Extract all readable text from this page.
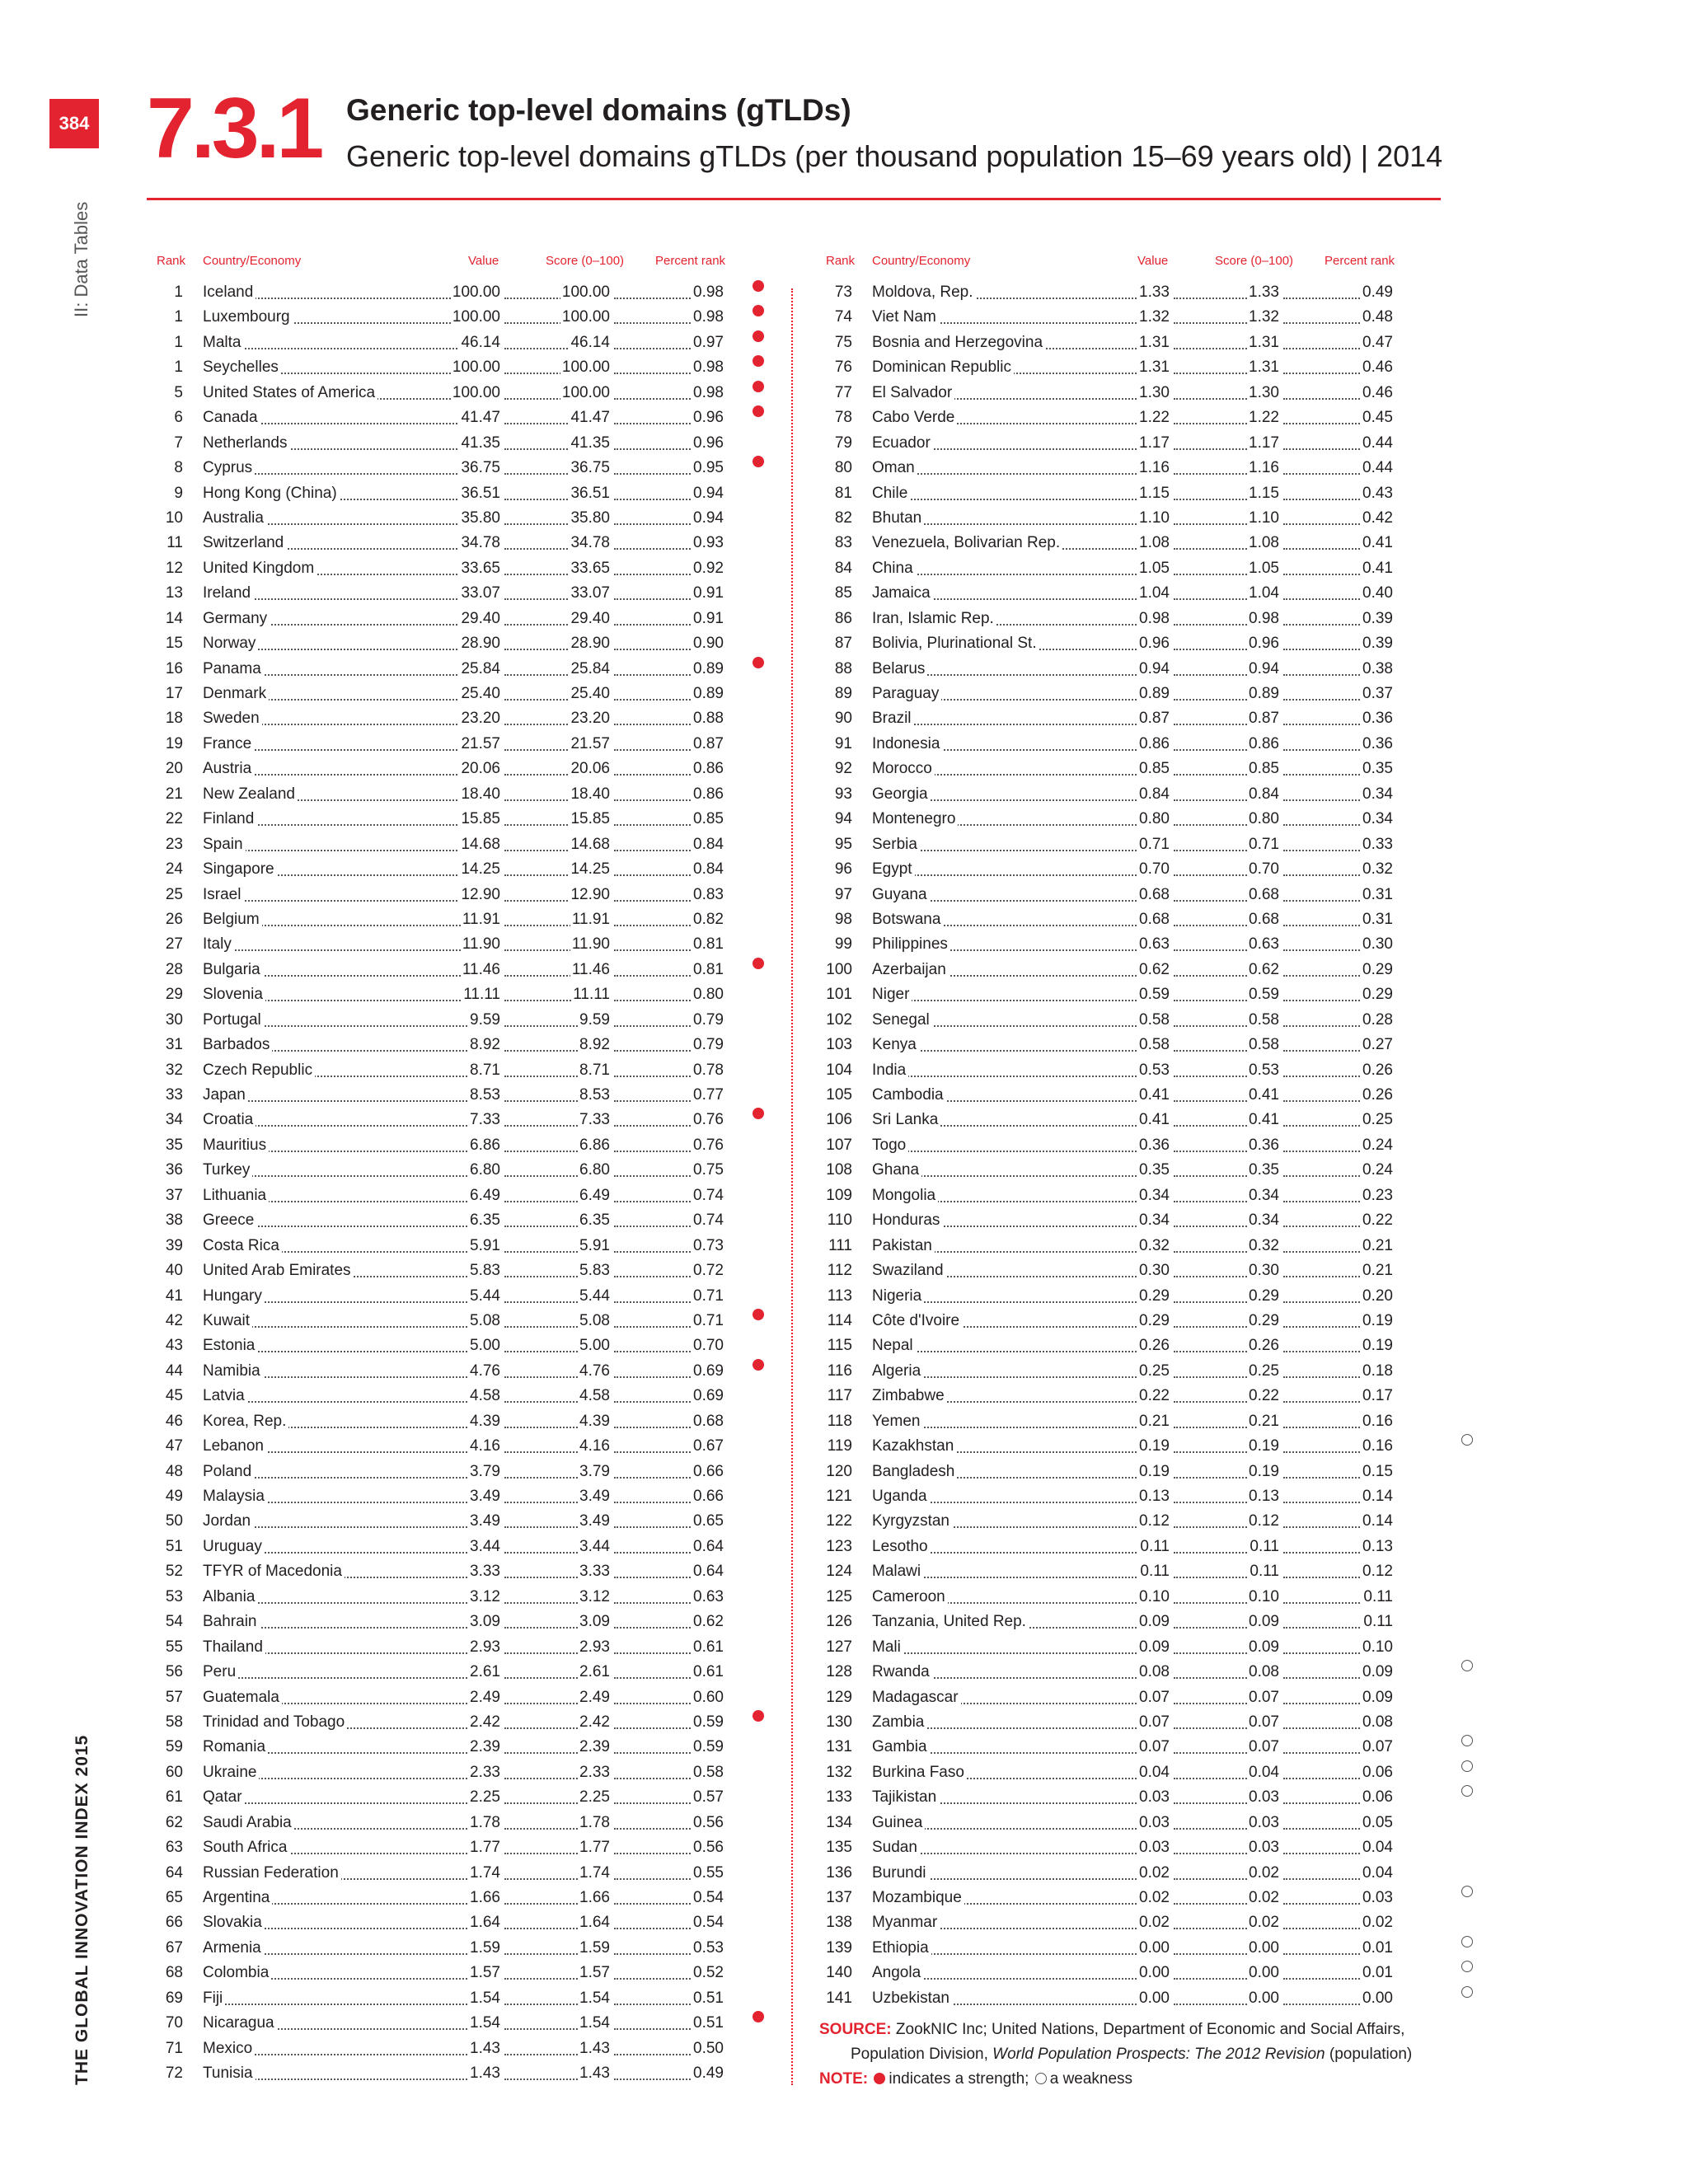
384
II: Data Tables
THE GLOBAL INNOVATION INDEX 2015
7.3.1 Generic top-level domains (gTLDs)
Generic top-level domains gTLDs (per thousand population 15–69 years old) | 2014
Rank Country/Economy	Value	Score (0–100)	Percent rank
1 Iceland	100.00	100.00	0.98
1 Luxembourg	100.00	100.00	0.98
1 Malta	46.14	46.14	0.97
1 Seychelles	100.00	100.00	0.98
5 United States of America	100.00	100.00	0.98
6 Canada	41.47	41.47	0.96
7 Netherlands	41.35	41.35	0.96
8 Cyprus	36.75	36.75	0.95
9 Hong Kong (China)	36.51	36.51	0.94
10 Australia	35.80	35.80	0.94
11 Switzerland	34.78	34.78	0.93
12 United Kingdom	33.65	33.65	0.92
13 Ireland	33.07	33.07	0.91
14 Germany	29.40	29.40	0.91
15 Norway	28.90	28.90	0.90
16 Panama	25.84	25.84	0.89
17 Denmark	25.40	25.40	0.89
18 Sweden	23.20	23.20	0.88
19 France	21.57	21.57	0.87
20 Austria	20.06	20.06	0.86
21 New Zealand	18.40	18.40	0.86
22 Finland	15.85	15.85	0.85
23 Spain	14.68	14.68	0.84
24 Singapore	14.25	14.25	0.84
25 Israel	12.90	12.90	0.83
26 Belgium	11.91	11.91	0.82
27 Italy	11.90	11.90	0.81
28 Bulgaria	11.46	11.46	0.81
29 Slovenia	11.11	11.11	0.80
30 Portugal	9.59	9.59	0.79
31 Barbados	8.92	8.92	0.79
32 Czech Republic	8.71	8.71	0.78
33 Japan	8.53	8.53	0.77
34 Croatia	7.33	7.33	0.76
35 Mauritius	6.86	6.86	0.76
36 Turkey	6.80	6.80	0.75
37 Lithuania	6.49	6.49	0.74
38 Greece	6.35	6.35	0.74
39 Costa Rica	5.91	5.91	0.73
40 United Arab Emirates	5.83	5.83	0.72
41 Hungary	5.44	5.44	0.71
42 Kuwait	5.08	5.08	0.71
43 Estonia	5.00	5.00	0.70
44 Namibia	4.76	4.76	0.69
45 Latvia	4.58	4.58	0.69
46 Korea, Rep.	4.39	4.39	0.68
47 Lebanon	4.16	4.16	0.67
48 Poland	3.79	3.79	0.66
49 Malaysia	3.49	3.49	0.66
50 Jordan	3.49	3.49	0.65
51 Uruguay	3.44	3.44	0.64
52 TFYR of Macedonia	3.33	3.33	0.64
53 Albania	3.12	3.12	0.63
54 Bahrain	3.09	3.09	0.62
55 Thailand	2.93	2.93	0.61
56 Peru	2.61	2.61	0.61
57 Guatemala	2.49	2.49	0.60
58 Trinidad and Tobago	2.42	2.42	0.59
59 Romania	2.39	2.39	0.59
60 Ukraine	2.33	2.33	0.58
61 Qatar	2.25	2.25	0.57
62 Saudi Arabia	1.78	1.78	0.56
63 South Africa	1.77	1.77	0.56
64 Russian Federation	1.74	1.74	0.55
65 Argentina	1.66	1.66	0.54
66 Slovakia	1.64	1.64	0.54
67 Armenia	1.59	1.59	0.53
68 Colombia	1.57	1.57	0.52
69 Fiji	1.54	1.54	0.51
70 Nicaragua	1.54	1.54	0.51
71 Mexico	1.43	1.43	0.50
72 Tunisia	1.43	1.43	0.49
Rank Country/Economy	Value	Score (0–100)	Percent rank
73 Moldova, Rep.	1.33	1.33	0.49
74 Viet Nam	1.32	1.32	0.48
75 Bosnia and Herzegovina	1.31	1.31	0.47
76 Dominican Republic	1.31	1.31	0.46
77 El Salvador	1.30	1.30	0.46
78 Cabo Verde	1.22	1.22	0.45
79 Ecuador	1.17	1.17	0.44
80 Oman	1.16	1.16	0.44
81 Chile	1.15	1.15	0.43
82 Bhutan	1.10	1.10	0.42
83 Venezuela, Bolivarian Rep.	1.08	1.08	0.41
84 China	1.05	1.05	0.41
85 Jamaica	1.04	1.04	0.40
86 Iran, Islamic Rep.	0.98	0.98	0.39
87 Bolivia, Plurinational St.	0.96	0.96	0.39
88 Belarus	0.94	0.94	0.38
89 Paraguay	0.89	0.89	0.37
90 Brazil	0.87	0.87	0.36
91 Indonesia	0.86	0.86	0.36
92 Morocco	0.85	0.85	0.35
93 Georgia	0.84	0.84	0.34
94 Montenegro	0.80	0.80	0.34
95 Serbia	0.71	0.71	0.33
96 Egypt	0.70	0.70	0.32
97 Guyana	0.68	0.68	0.31
98 Botswana	0.68	0.68	0.31
99 Philippines	0.63	0.63	0.30
100 Azerbaijan	0.62	0.62	0.29
101 Niger	0.59	0.59	0.29
102 Senegal	0.58	0.58	0.28
103 Kenya	0.58	0.58	0.27
104 India	0.53	0.53	0.26
105 Cambodia	0.41	0.41	0.26
106 Sri Lanka	0.41	0.41	0.25
107 Togo	0.36	0.36	0.24
108 Ghana	0.35	0.35	0.24
109 Mongolia	0.34	0.34	0.23
110 Honduras	0.34	0.34	0.22
111 Pakistan	0.32	0.32	0.21
112 Swaziland	0.30	0.30	0.21
113 Nigeria	0.29	0.29	0.20
114 Côte d'Ivoire	0.29	0.29	0.19
115 Nepal	0.26	0.26	0.19
116 Algeria	0.25	0.25	0.18
117 Zimbabwe	0.22	0.22	0.17
118 Yemen	0.21	0.21	0.16
119 Kazakhstan	0.19	0.19	0.16
120 Bangladesh	0.19	0.19	0.15
121 Uganda	0.13	0.13	0.14
122 Kyrgyzstan	0.12	0.12	0.14
123 Lesotho	0.11	0.11	0.13
124 Malawi	0.11	0.11	0.12
125 Cameroon	0.10	0.10	0.11
126 Tanzania, United Rep.	0.09	0.09	0.11
127 Mali	0.09	0.09	0.10
128 Rwanda	0.08	0.08	0.09
129 Madagascar	0.07	0.07	0.09
130 Zambia	0.07	0.07	0.08
131 Gambia	0.07	0.07	0.07
132 Burkina Faso	0.04	0.04	0.06
133 Tajikistan	0.03	0.03	0.06
134 Guinea	0.03	0.03	0.05
135 Sudan	0.03	0.03	0.04
136 Burundi	0.02	0.02	0.04
137 Mozambique	0.02	0.02	0.03
138 Myanmar	0.02	0.02	0.02
139 Ethiopia	0.00	0.00	0.01
140 Angola	0.00	0.00	0.01
141 Uzbekistan	0.00	0.00	0.00
SOURCE: ZookNIC Inc; United Nations, Department of Economic and Social Affairs,
Population Division, World Population Prospects: The 2012 Revision (population)
NOTE: indicates a strength; a weakness
